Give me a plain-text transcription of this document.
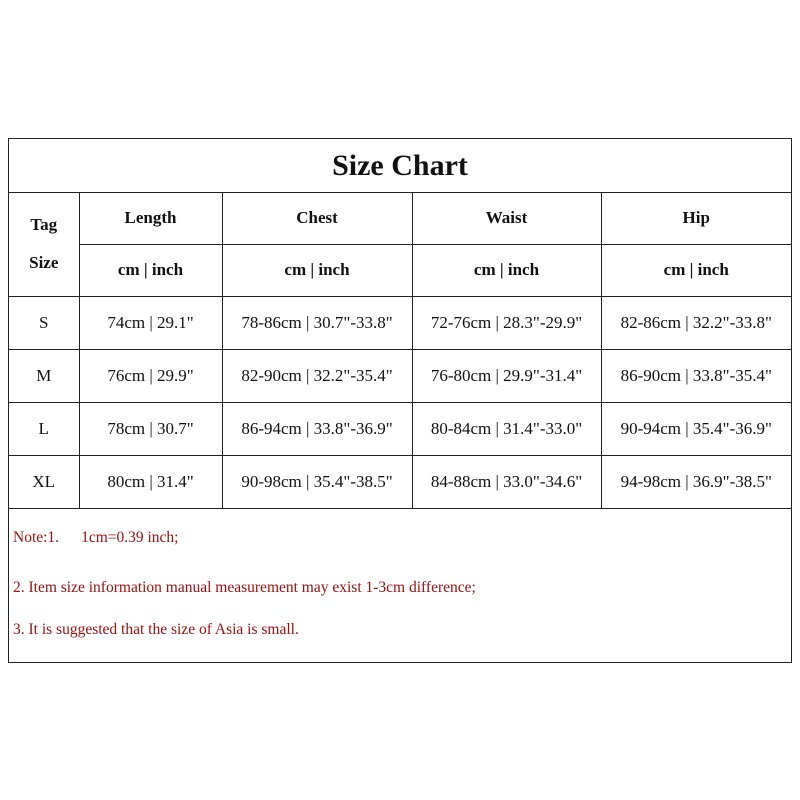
Size Chart
Tag
Size	Length	Chest	Waist	Hip
	cm | inch	cm | inch	cm | inch	cm | inch
S	74cm | 29.1"	78-86cm | 30.7"-33.8"	72-76cm | 28.3"-29.9"	82-86cm | 32.2"-33.8"
M	76cm | 29.9"	82-90cm | 32.2"-35.4"	76-80cm | 29.9"-31.4"	86-90cm | 33.8"-35.4"
L	78cm | 30.7"	86-94cm | 33.8"-36.9"	80-84cm | 31.4"-33.0"	90-94cm | 35.4"-36.9"
XL	80cm | 31.4"	90-98cm | 35.4"-38.5"	84-88cm | 33.0"-34.6"	94-98cm | 36.9"-38.5"
Note:1. 1cm=0.39 inch;
2. Item size information manual measurement may exist 1-3cm difference;
3. It is suggested that the size of Asia is small.
